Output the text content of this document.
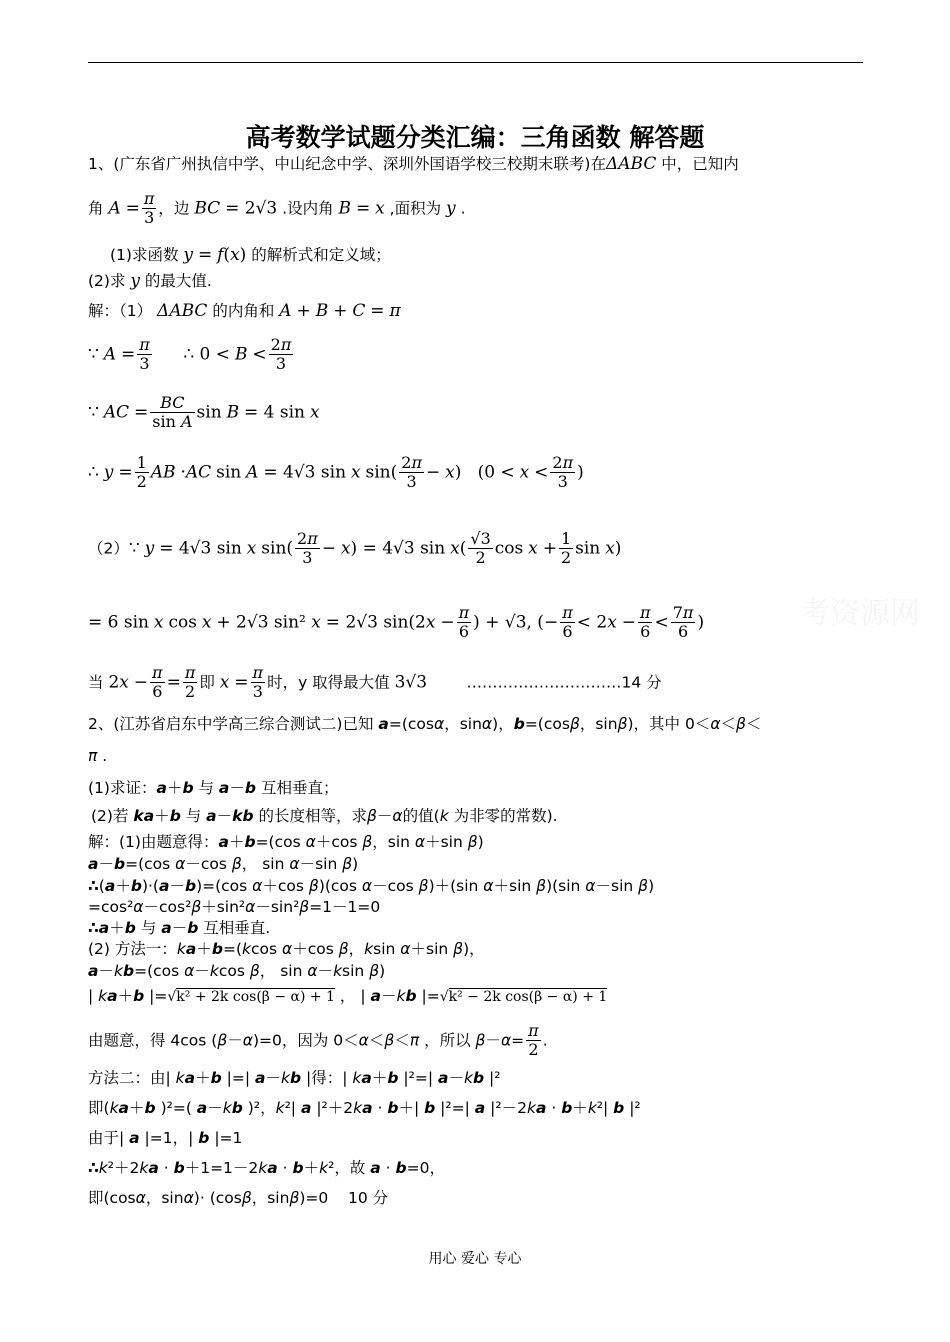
高考数学试题分类汇编：三角函数 解答题
考资源网
1、(广东省广州执信中学、中山纪念中学、深圳外国语学校三校期末联考)在ΔABC 中，已知内
角 $A = \frac{\pi}{3}$ ，边 BC = 2√3 .设内角 B = x ,面积为 y .
(1)求函数 y = f(x) 的解析式和定义域；
(2)求 y 的最大值.
解：（1） ΔABC 的内角和 A + B + C = π
∵ $A = \frac{\pi}{3}$ ∴ $0 < B < \frac{2\pi}{3}$
∵ AC = $\frac{BC}{\text{sin A}}$ sin B = 4 sin x
∴ $y = \frac{1}{2}$ AB ·AC sin A = 4√3 sin x $\sin( \frac{2\pi}{3} - x)$   ($0 < x < \frac{2\pi}{3}$ )
（2）∵ y = 4√3 sin x $\sin( \frac{2\pi}{3} - x) = 4√3$ $\sin x( \frac{√3}{2}$ $\cos x + \frac{1}{2}$ sin x)
= 6 sin x cos x + 2√3 sin² x = 2√3 $\sin(2x - \frac{\pi}{6}$ ) + √3, (− $\frac{\pi}{6} < 2x - \frac{\pi}{6} < \frac{7\pi}{6}$ )
当 $2x - \frac{\pi}{6} = \frac{\pi}{2}$ 即 $x = \frac{\pi}{3}$ 时，y 取得最大值 3√3        …………………………14 分
2、(江苏省启东中学高三综合测试二)已知 a=(cosα，sinα)，b=(cosβ，sinβ)，其中 0＜α＜β＜
π .
(1)求证：a＋b 与 a－b 互相垂直；
(2)若 ka＋b 与 a－kb 的长度相等，求β－α的值(k 为非零的常数).
解：(1)由题意得：a＋b=(cos α＋cos β，sin α＋sin β)
a－b=(cos α－cos β， sin α－sin β)
∴(a＋b)·(a－b)=(cos α＋cos β)(cos α－cos β)＋(sin α＋sin β)(sin α－sin β)
=cos²α－cos²β＋sin²α－sin²β=1－1=0
∴a＋b 与 a－b 互相垂直.
(2) 方法一：ka＋b=(kcos α＋cos β，ksin α＋sin β)，
a－kb=(cos α－kcos β， sin α－ksin β)
| ka＋b |=√k² + 2k cos(β − α) + 1 ， | a－kb |=√k² − 2k cos(β − α) + 1
由题意，得 4cos (β－α)=0，因为 0＜α＜β＜π ，所以 $\beta-\alpha= \frac{\pi}{2}$ .
方法二：由| ka＋b |=| a－kb |得：| ka＋b |²=| a－kb |²
即(ka＋b )²=( a－kb )²，k²| a |²＋2ka · b＋| b |²=| a |²－2ka · b＋k²| b |²
由于| a |=1，| b |=1
∴k²＋2ka · b＋1=1－2ka · b＋k²，故 a · b=0，
即(cosα，sinα)· (cosβ，sinβ)=0    10 分
用心 爱心 专心
